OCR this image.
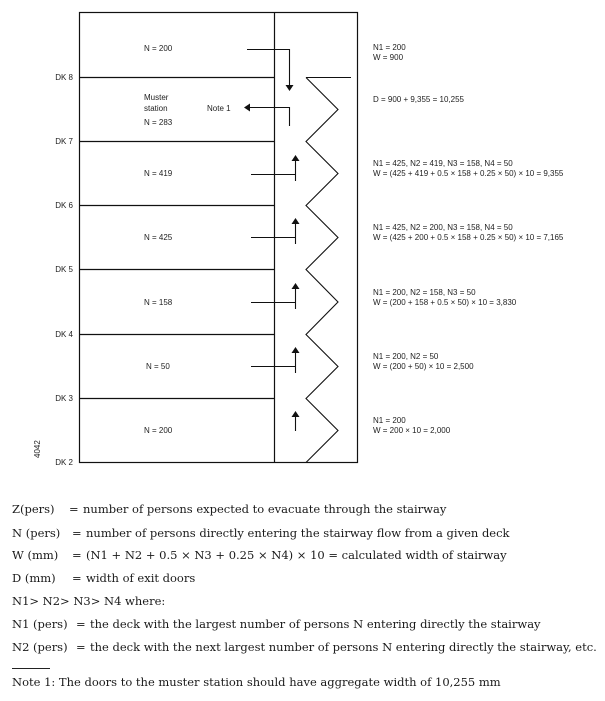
DK 8
DK 7
DK 6
DK 5
DK 4
DK 3
DK 2
4042
N = 200
Muster
station
N = 283
Note 1
N = 419
N = 425
N = 158
N = 50
N = 200
N1 = 200
W = 900
D = 900 + 9,355 = 10,255
N1 = 425, N2 = 419, N3 = 158, N4 = 50
W = (425 + 419 + 0.5 × 158 + 0.25 × 50) × 10 = 9,355
N1 = 425, N2 = 200, N3 = 158, N4 = 50
W = (425 + 200 + 0.5 × 158 + 0.25 × 50) × 10 = 7,165
N1 = 200, N2 = 158, N3 = 50
W = (200 + 158 + 0.5 × 50) × 10 = 3,830
N1 = 200, N2 = 50
W = (200 + 50) × 10 = 2,500
N1 = 200
W = 200 × 10 = 2,000
Z(pers) = number of persons expected to evacuate through the stairway
N (pers) = number of persons directly entering the stairway flow from a given deck
W (mm) = (N1 + N2 + 0.5 × N3 + 0.25 × N4) × 10 = calculated width of stairway
D (mm) = width of exit doors
N1> N2> N3> N4 where:
N1 (pers) = the deck with the largest number of persons N entering directly the stairway
N2 (pers) = the deck with the next largest number of persons N entering directly the stairway, etc.
Note 1: The doors to the muster station should have aggregate width of 10,255 mm
